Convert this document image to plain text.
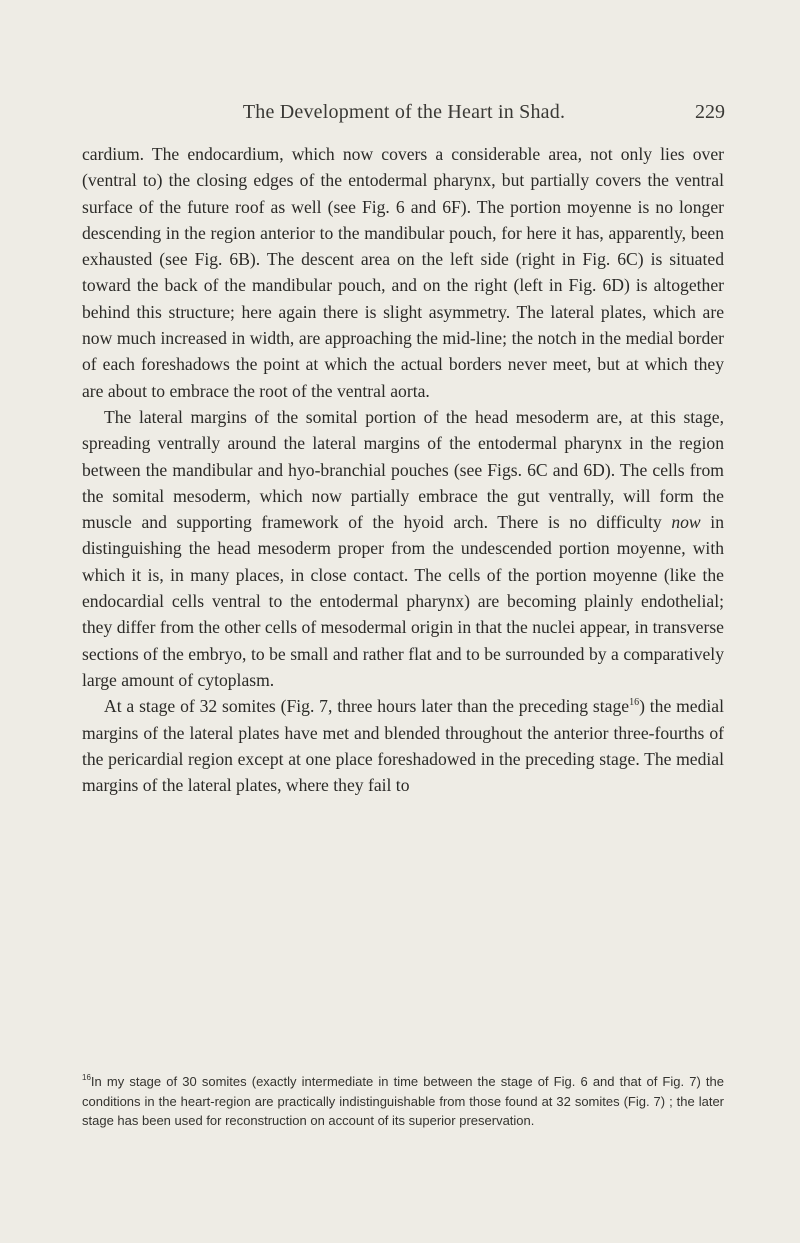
The Development of the Heart in Shad.	229

cardium. The endocardium, which now covers a considerable area, not only lies over (ventral to) the closing edges of the entodermal pharynx, but partially covers the ventral surface of the future roof as well (see Fig. 6 and 6F). The portion moyenne is no longer descending in the region anterior to the mandibular pouch, for here it has, apparently, been exhausted (see Fig. 6B). The descent area on the left side (right in Fig. 6C) is situated toward the back of the mandibular pouch, and on the right (left in Fig. 6D) is altogether behind this structure; here again there is slight asymmetry. The lateral plates, which are now much increased in width, are approaching the mid-line; the notch in the medial border of each foreshadows the point at which the actual borders never meet, but at which they are about to embrace the root of the ventral aorta.

The lateral margins of the somital portion of the head mesoderm are, at this stage, spreading ventrally around the lateral margins of the entodermal pharynx in the region between the mandibular and hyo-branchial pouches (see Figs. 6C and 6D). The cells from the somital mesoderm, which now partially embrace the gut ventrally, will form the muscle and supporting framework of the hyoid arch. There is no difficulty now in distinguishing the head mesoderm proper from the undescended portion moyenne, with which it is, in many places, in close contact. The cells of the portion moyenne (like the endocardial cells ventral to the entodermal pharynx) are becoming plainly endothelial; they differ from the other cells of mesodermal origin in that the nuclei appear, in transverse sections of the embryo, to be small and rather flat and to be surrounded by a comparatively large amount of cytoplasm.

At a stage of 32 somites (Fig. 7, three hours later than the preceding stage$^{16}$) the medial margins of the lateral plates have met and blended throughout the anterior three-fourths of the pericardial region except at one place foreshadowed in the preceding stage. The medial margins of the lateral plates, where they fail to

$^{16}$In my stage of 30 somites (exactly intermediate in time between the stage of Fig. 6 and that of Fig. 7) the conditions in the heart-region are practically indistinguishable from those found at 32 somites (Fig. 7) ; the later stage has been used for reconstruction on account of its superior preservation.
